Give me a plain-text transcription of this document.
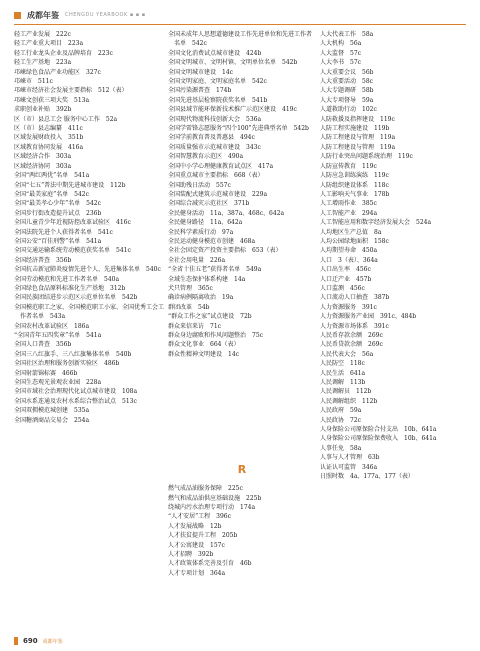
成都年鉴 CHENGDU YEARBOOK ▪ ▪ ▪
轻工产业发展　222c
轻工产业重大项目　223a
轻工行业龙头企业及品牌培育　223c
轻工生产基地　223a
邛崃绿色食品产业功能区　327c
邛崃市　511c
邛崃市经济社会发展主要指标　512（表）
邛崃文创获三项大奖　513a
求职创业补贴　392b
区（市）县总工会 服务中心工作　52a
区（市）县志编纂　411c
区域发展财政投入　351b
区域教育协同发展　416a
区域经济合作　303a
区域经济协同　303a
全国“两红两优”名单　541a
全国“七五”普法中期先进城市建设　112b
全国“最美家庭”名单　542c
全国“最美孝心少年”名单　542c
全国步行街改造提升试点　236b
全国儿童青少年近视防控改革试验区　416c
全国法院先进个人获得者名单　541c
全国公安“百佳刑警”名单　541a
全国交通运输系统劳动模范获奖名单　541c
全国经济普查　356b
全国抗击新冠肺炎疫情先进个人、先进集体名单　540c
全国劳动模范和先进工作者名单　540a
全国绿色食品原料标准化生产基地　312b
全国民族团结进步示范区示范单位名单　542b
全国模范职工之家、全国模范职工小家、全国优秀工会工作者名单　543a
全国农村改革试验区　186a
“全国青年五四奖章”名单　541a
全国人口普查　356b
全国三八红旗手、三八红旗集体名单　540b
全国社区治理和服务创新实验区　486b
全国射箭锦标赛　466b
全国生态观光景观农业园　228a
全国市域社会治理现代化试点城市建设　108a
全国水系连通及农村水系综合整治试点　513c
全国双拥模范城创建　535a
全国糖酒商品交易会　254a
全国未成年人思想道德建设工作先进单位和先进工作者名单　542c
全国文化消费试点城市建设　424b
全国文明城市、文明村镇、文明单位名单　542b
全国文明城市建设　14c
全国文明家庭、文明家庭名单　542c
全国污染源普查　174b
全国先进基层检察院获奖名单　541b
全国县域节能环保新技术推广示范区建设　419c
全国现代物流科技创新大会　536a
全国学雷锋志愿服务“四个100”先进典型名单　542b
全国学前教育普及普惠县　494c
全国质量强市示范城市建设　343c
全国智慧教育示范区　490a
全国中小学心理健康教育试点区　417a
全国重点城市主要指标　668（表）
全国助残日活动　557c
全国装配式建筑示范城市建设　229a
全国综合减灾示范社区　371b
全民健身活动　11a、387a、468c、642a
全民健身路径　11a、642a
全民科学素质行动　97a
全民运动健身模范市创建　468a
全社会固定资产投资主要指标　653（表）
全社会用电量　226a
“全省十佳五老”获得者名单　549a
全域生态保护体系构建　14a
犬只管理　365c
确诊病例隔离收治　19a
群团改革　54b
“群众工作之家”试点建设　72b
群众来信来访　71c
群众身边腐败和作风问题整治　75c
群众文化事业　664（表）
群众性精神文明建设　14c
R
燃气成品油服务保障　225c
燃气和成品油供应基础设施　225b
绕城内污水治理专项行动　174a
“人才安居”工程　396c
人才发展战略　12b
人才扶贫提升工程　205b
人才公寓建设　157c
人才招聘　392b
人才政策体系完善及引育　46b
人才专项计划　364a
人大代表工作　58a
人大机构　56a
人大监督　57c
人大李书　57c
人大重要会议　56b
人大重要活动　58c
人大专题调研　58b
人大专项督导　59a
人道救助行动　102c
人防救援及指挥建设　119c
人防工程实施建设　119b
人防工程建设与管理　119a
人防工程建设与管理　119a
人防行业突出问题系统治理　119c
人防宣传教育　119c
人防应急训练演练　119c
人防组织建设体系　118c
人工影响天气事业　178b
人工增雨作业　385c
人工智能产业　294a
人工智能应用和数字经济发展大会　524a
人均地区生产总值　8a
人均公园绿地面积　158c
人均期望寿命　450a
人口　3（表）、364a
人口出生率　456c
人口迁产业　457b
人口监测　456c
人口流动人口抽查　387b
人力资源服务　391c
人力资源服务产业园　391c、484b
人力资源市场体系　391c
人民币存款余额　269c
人民币贷款余额　269c
人民代表大会　56a
人民防空　118c
人民生活　641a
人民调解　113b
人民调解员　112b
人民调解组织　112b
人民政府　59a
人民政协　72c
人身保险公司原保险合付支出　10b、641a
人身保险公司原保险保费收入　10b、641a
人事任免　58a
人事与人才管理　63b
认证认可监管　346a
日照时数　4a、177a、177（表）
690 成都年鉴
